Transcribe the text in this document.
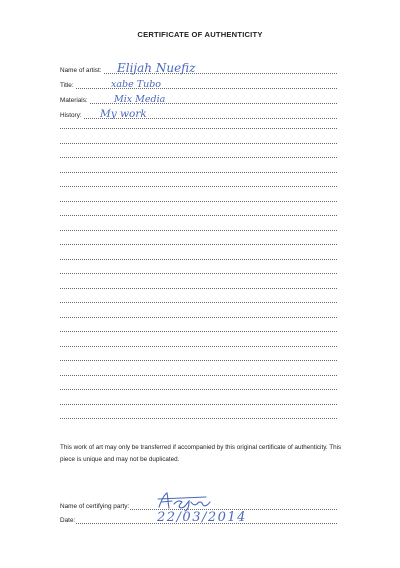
CERTIFICATE OF AUTHENTICITY
Name of artist: Elijah Nuefiz
Title:	xabe Tubo
Materials:	Mix Media
History: My work
This work of art may only be transferred if accompanied by this original certificate of authenticity. This piece is unique and may not be duplicated.
Name of certifying party:
Date:	22/03/2014
